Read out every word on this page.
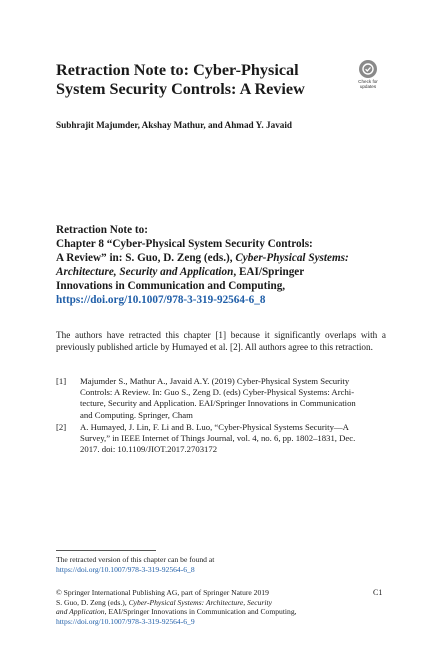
Retraction Note to: Cyber-Physical
System Security Controls: A Review	Check for
updates
Subhrajit Majumder, Akshay Mathur, and Ahmad Y. Javaid
Retraction Note to:
Chapter 8 “Cyber-Physical System Security Controls:
A Review” in: S. Guo, D. Zeng (eds.), Cyber-Physical Systems:
Architecture, Security and Application, EAI/Springer
Innovations in Communication and Computing,
https://doi.org/10.1007/978-3-319-92564-6_8
The authors have retracted this chapter [1] because it significantly overlaps with a previously published article by Humayed et al. [2]. All authors agree to this retraction.
[1] Majumder S., Mathur A., Javaid A.Y. (2019) Cyber-Physical System Security
Controls: A Review. In: Guo S., Zeng D. (eds) Cyber-Physical Systems: Archi-
tecture, Security and Application. EAI/Springer Innovations in Communication
and Computing. Springer, Cham
[2] A. Humayed, J. Lin, F. Li and B. Luo, “Cyber-Physical Systems Security—A
Survey,” in IEEE Internet of Things Journal, vol. 4, no. 6, pp. 1802–1831, Dec.
2017. doi: 10.1109/JIOT.2017.2703172
The retracted version of this chapter can be found at
https://doi.org/10.1007/978-3-319-92564-6_8
© Springer International Publishing AG, part of Springer Nature 2019
S. Guo, D. Zeng (eds.), Cyber-Physical Systems: Architecture, Security
and Application, EAI/Springer Innovations in Communication and Computing,
https://doi.org/10.1007/978-3-319-92564-6_9
C1
